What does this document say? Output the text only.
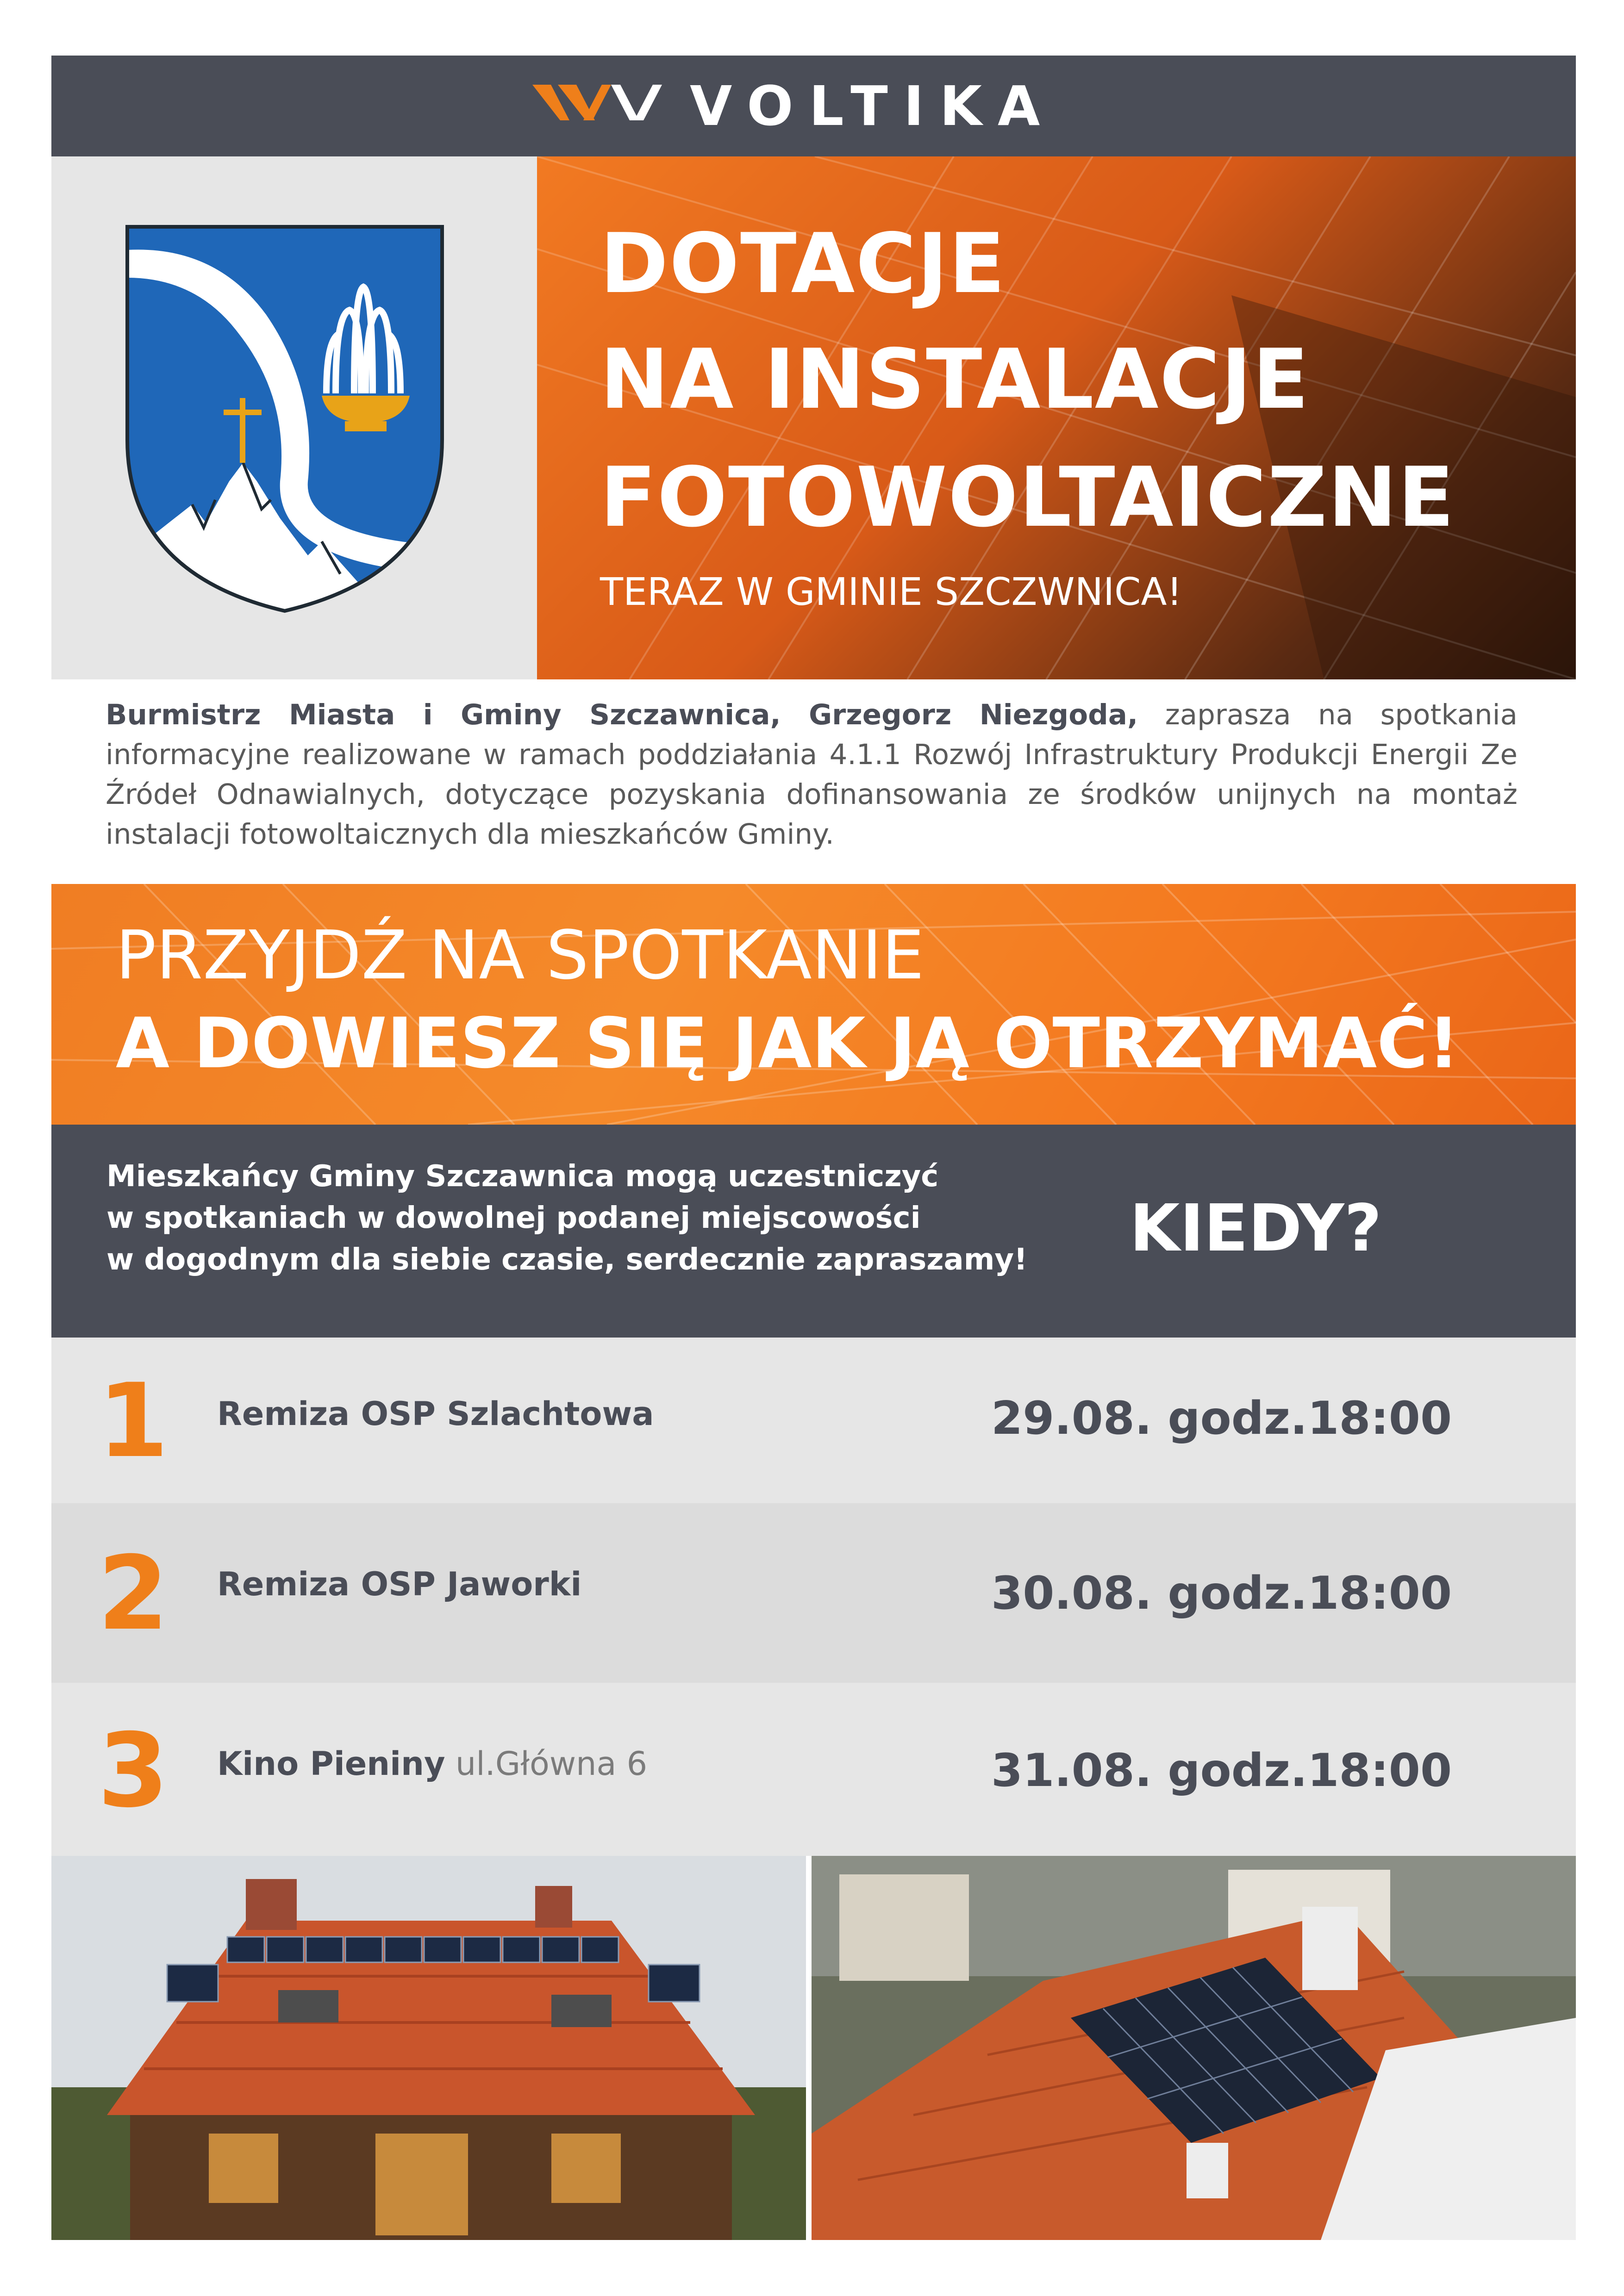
VOLTIKA
DOTACJE
NA INSTALACJE
FOTOWOLTAICZNE
TERAZ W GMINIE SZCZWNICA!
Burmistrz Miasta i Gminy Szczawnica, Grzegorz Niezgoda, zaprasza na spotkania informacyjne realizowane w ramach poddziałania 4.1.1 Rozwój Infrastruktury Produkcji Energii Ze Źródeł Odnawialnych, dotyczące pozyskania dofinansowania ze środków unijnych na montaż instalacji fotowoltaicznych dla mieszkańców Gminy.
PRZYJDŹ NA SPOTKANIE
A DOWIESZ SIĘ JAK JĄ OTRZYMAĆ!
Mieszkańcy Gminy Szczawnica mogą uczestniczyć
w spotkaniach w dowolnej podanej miejscowości
w dogodnym dla siebie czasie, serdecznie zapraszamy! KIEDY?
1 Remiza OSP Szlachtowa	29.08. godz.18:00
2 Remiza OSP Jaworki	30.08. godz.18:00
3 Kino Pieniny ul.Główna 6	31.08. godz.18:00
